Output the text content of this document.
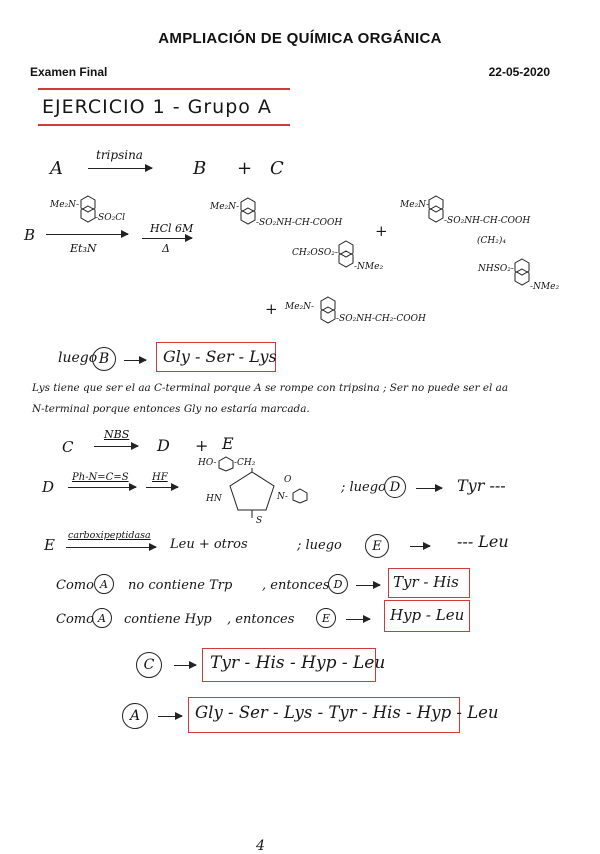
AMPLIACIÓN DE QUÍMICA ORGÁNICA
Examen Final	22-05-2020
EJERCICIO 1 - Grupo A
A
tripsina
B + C
B
Me₂N-
-SO₂Cl
Et₃N
HCl 6M
Δ
Me₂N-
-SO₂NH-CH-COOH
CH₂OSO₂-
-NMe₂
+
Me₂N-
-SO₂NH-CH-COOH
(CH₂)₄
NHSO₂-
-NMe₂
+ Me₂N-
-SO₂NH-CH₂-COOH
luego B	Gly - Ser - Lys
Lys tiene que ser el aa C-terminal porque A se rompe con tripsina ; Ser no puede ser el aa
N-terminal porque entonces Gly no estaría marcada.
C
NBS
D + E
D
Ph-N=C=S HF
HO- -CH₂
O
HN	N-
S
; luego D	Tyr ---
E
carboxipeptidasa
Leu + otros	; luego E	--- Leu
Como A no contiene Trp , entonces D	Tyr - His
Como A contiene Hyp , entonces	E	Hyp - Leu
C	Tyr - His - Hyp - Leu
A	Gly - Ser - Lys - Tyr - His - Hyp - Leu
4
